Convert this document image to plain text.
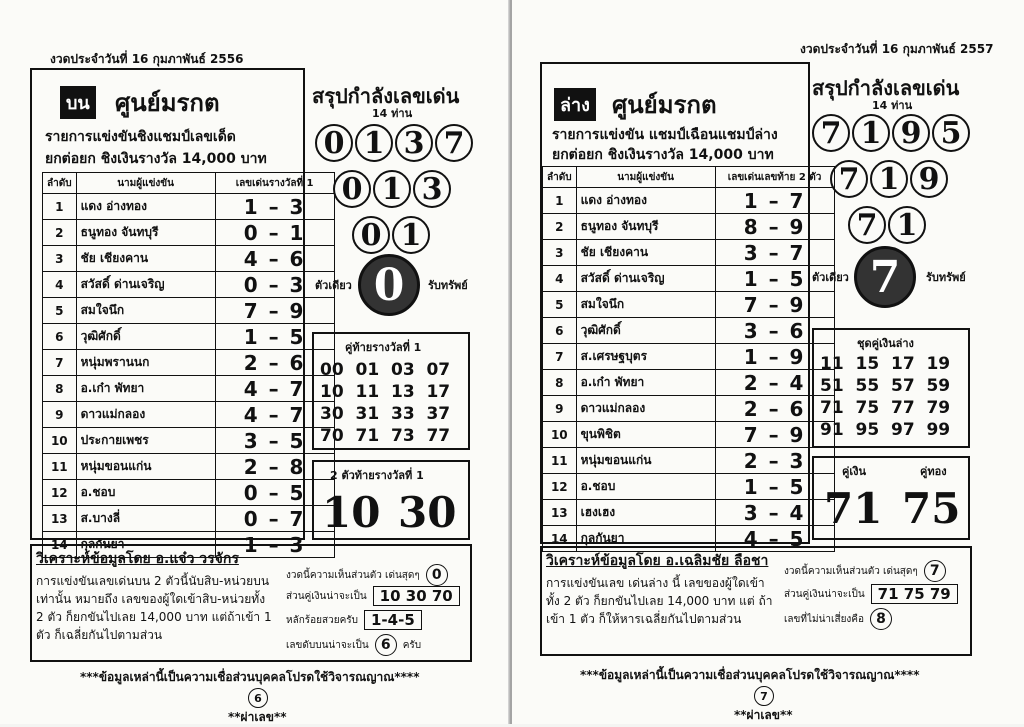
งวดประจำวันที่ 16 กุมภาพันธ์ 2556
บน ศูนย์มรกต
รายการแข่งขันชิงแชมป์เลขเด็ด
ยกต่อยก ชิงเงินรางวัล 14,000 บาท
ลำดับ	นามผู้แข่งขัน	เลขเด่นรางวัลที่ 1
1	แดง อ่างทอง	1 – 3
2	ธนูทอง จันทบุรี	0 – 1
3	ชัย เชียงคาน	4 – 6
4	สวัสดิ์ ด่านเจริญ	0 – 3
5	สมใจนึก	7 – 9
6	วุฒิศักดิ์	1 – 5
7	หนุ่มพรานนก	2 – 6
8	อ.เก๋า พัทยา	4 – 7
9	ดาวแม่กลอง	4 – 7
10	ประกายเพชร	3 – 5
11	หนุ่มขอนแก่น	2 – 8
12	อ.ชอบ	0 – 5
13	ส.บางลี่	0 – 7
14	กุลกันยา	1 – 3
สรุปกำลังเลขเด่น
14 ท่าน
0 1 3 7
0 1 3
0 1
ตัวเดียว 0	รับทรัพย์
คู่ท้ายรางวัลที่ 1
00  01  03  07
10  11  13  17
30  31  33  37
70  71  73  77
2 ตัวท้ายรางวัลที่ 1
10 30
วิเคราะห์ข้อมูลโดย อ.แจ๋ว วรจักร
การแข่งขันเลขเด่นบน 2 ตัวนี้นับสิบ-หน่วยบน เท่านั้น หมายถึง เลขของผู้ใดเข้าสิบ-หน่วยทั้ง 2 ตัว ก็ยกขันไปเลย 14,000 บาท แต่ถ้าเข้า 1 ตัว ก็เฉลี่ยกันไปตามส่วน
งวดนี้ความเห็นส่วนตัว เด่นสุดๆ 0
ส่วนคู่เงินน่าจะเป็น 10 30 70
หลักร้อยสวยครับ 1-4-5
เลขดับบนน่าจะเป็น 6	ครับ
***ข้อมูลเหล่านี้เป็นความเชื่อส่วนบุคคลโปรดใช้วิจารณญาณ****
6
**ผ่าเลข**
งวดประจำวันที่ 16 กุมภาพันธ์ 2557
ล่าง ศูนย์มรกต
รายการแข่งขัน แชมป์เฉือนแชมป์ล่าง
ยกต่อยก ชิงเงินรางวัล 14,000 บาท
ลำดับ	นามผู้แข่งขัน	เลขเด่นเลขท้าย 2 ตัว
1	แดง อ่างทอง	1 – 7
2	ธนูทอง จันทบุรี	8 – 9
3	ชัย เชียงคาน	3 – 7
4	สวัสดิ์ ด่านเจริญ	1 – 5
5	สมใจนึก	7 – 9
6	วุฒิศักดิ์	3 – 6
7	ส.เศรษฐบุตร	1 – 9
8	อ.เก๋า พัทยา	2 – 4
9	ดาวแม่กลอง	2 – 6
10	ขุนพิชิต	7 – 9
11	หนุ่มขอนแก่น	2 – 3
12	อ.ชอบ	1 – 5
13	เฮงเฮง	3 – 4
14	กุลกันยา	4 – 5
สรุปกำลังเลขเด่น
14 ท่าน
7 1 9 5
7 1 9
7 1
ตัวเดียว 7	รับทรัพย์
ชุดคู่เงินล่าง
11  15  17  19
51  55  57  59
71  75  77  79
91  95  97  99
คู่เงิน	คู่ทอง
71 75
วิเคราะห์ข้อมูลโดย อ.เฉลิมชัย ลือชา
การแข่งขันเลข เด่นล่าง นี้ เลขของผู้ใดเข้า ทั้ง 2 ตัว ก็ยกขันไปเลย 14,000 บาท แต่ ถ้าเข้า 1 ตัว ก็ให้หารเฉลี่ยกันไปตามส่วน
งวดนี้ความเห็นส่วนตัว เด่นสุดๆ 7
ส่วนคู่เงินน่าจะเป็น 71 75 79
เลขที่ไม่น่าเสี่ยงคือ 8
***ข้อมูลเหล่านี้เป็นความเชื่อส่วนบุคคลโปรดใช้วิจารณญาณ****
7
**ผ่าเลข**
